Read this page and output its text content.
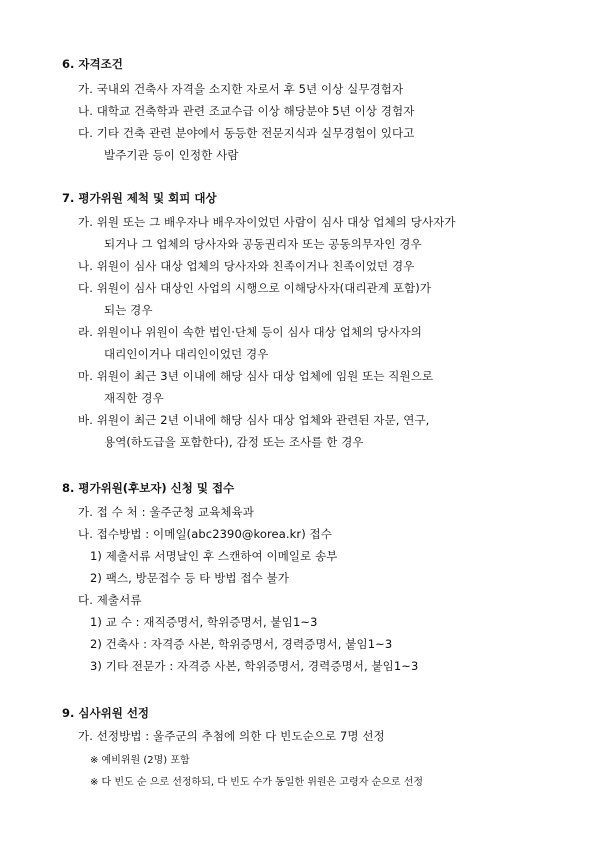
6. 자격조건
가. 국내외 건축사 자격을 소지한 자로서 후 5년 이상 실무경험자
나. 대학교 건축학과 관련 조교수급 이상 해당분야 5년 이상 경험자
다. 기타 건축 관련 분야에서 동등한 전문지식과 실무경험이 있다고
발주기관 등이 인정한 사람
7. 평가위원 제척 및 회피 대상
가. 위원 또는 그 배우자나 배우자이었던 사람이 심사 대상 업체의 당사자가
되거나 그 업체의 당사자와 공동권리자 또는 공동의무자인 경우
나. 위원이 심사 대상 업체의 당사자와 친족이거나 친족이었던 경우
다. 위원이 심사 대상인 사업의 시행으로 이해당사자(대리관계 포함)가
되는 경우
라. 위원이나 위원이 속한 법인·단체 등이 심사 대상 업체의 당사자의
대리인이거나 대리인이었던 경우
마. 위원이 최근 3년 이내에 해당 심사 대상 업체에 임원 또는 직원으로
재직한 경우
바. 위원이 최근 2년 이내에 해당 심사 대상 업체와 관련된 자문, 연구,
용역(하도급을 포함한다), 감정 또는 조사를 한 경우
8. 평가위원(후보자) 신청 및 접수
가. 접 수 처 : 울주군청 교육체육과
나. 접수방법 : 이메일(abc2390@korea.kr) 접수
1) 제출서류 서명날인 후 스캔하여 이메일로 송부
2) 팩스, 방문접수 등 타 방법 접수 불가
다. 제출서류
1) 교 수 : 재직증명서, 학위증명서, 붙임1~3
2) 건축사 : 자격증 사본, 학위증명서, 경력증명서, 붙임1~3
3) 기타 전문가 : 자격증 사본, 학위증명서, 경력증명서, 붙임1~3
9. 심사위원 선정
가. 선정방법 : 울주군의 추첨에 의한 다 빈도순으로 7명 선정
※ 예비위원 (2명) 포함
※ 다 빈도 순 으로 선정하되, 다 빈도 수가 동일한 위원은 고령자 순으로 선정
